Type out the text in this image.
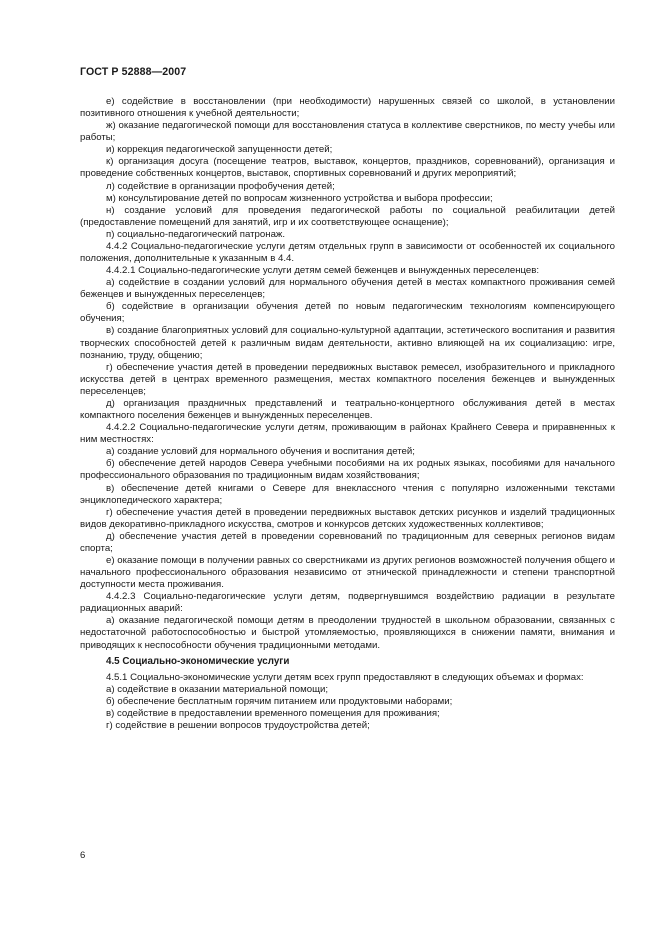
ГОСТ Р 52888—2007

е) содействие в восстановлении (при необходимости) нарушенных связей со школой, в установлении позитивного отношения к учебной деятельности;

ж) оказание педагогической помощи для восстановления статуса в коллективе сверстников, по месту учебы или работы;

и) коррекция педагогической запущенности детей;

к) организация досуга (посещение театров, выставок, концертов, праздников, соревнований), организация и проведение собственных концертов, выставок, спортивных соревнований и других мероприятий;

л) содействие в организации профобучения детей;

м) консультирование детей по вопросам жизненного устройства и выбора профессии;

н) создание условий для проведения педагогической работы по социальной реабилитации детей (предоставление помещений для занятий, игр и их соответствующее оснащение);

п) социально-педагогический патронаж.

4.4.2 Социально-педагогические услуги детям отдельных групп в зависимости от особенностей их социального положения, дополнительные к указанным в 4.4.

4.4.2.1 Социально-педагогические услуги детям семей беженцев и вынужденных переселенцев:

а) содействие в создании условий для нормального обучения детей в местах компактного проживания семей беженцев и вынужденных переселенцев;

б) содействие в организации обучения детей по новым педагогическим технологиям компенсирующего обучения;

в) создание благоприятных условий для социально-культурной адаптации, эстетического воспитания и развития творческих способностей детей к различным видам деятельности, активно влияющей на их социализацию: игре, познанию, труду, общению;

г) обеспечение участия детей в проведении передвижных выставок ремесел, изобразительного и прикладного искусства детей в центрах временного размещения, местах компактного поселения беженцев и вынужденных переселенцев;

д) организация праздничных представлений и театрально-концертного обслуживания детей в местах компактного поселения беженцев и вынужденных переселенцев.

4.4.2.2 Социально-педагогические услуги детям, проживающим в районах Крайнего Севера и приравненных к ним местностях:

а) создание условий для нормального обучения и воспитания детей;

б) обеспечение детей народов Севера учебными пособиями на их родных языках, пособиями для начального профессионального образования по традиционным видам хозяйствования;

в) обеспечение детей книгами о Севере для внеклассного чтения с популярно изложенными текстами энциклопедического характера;

г) обеспечение участия детей в проведении передвижных выставок детских рисунков и изделий традиционных видов декоративно-прикладного искусства, смотров и конкурсов детских художественных коллективов;

д) обеспечение участия детей в проведении соревнований по традиционным для северных регионов видам спорта;

е) оказание помощи в получении равных со сверстниками из других регионов возможностей получения общего и начального профессионального образования независимо от этнической принадлежности и степени транспортной доступности места проживания.

4.4.2.3 Социально-педагогические услуги детям, подвергнувшимся воздействию радиации в результате радиационных аварий:

а) оказание педагогической помощи детям в преодолении трудностей в школьном образовании, связанных с недостаточной работоспособностью и быстрой утомляемостью, проявляющихся в снижении памяти, внимания и приводящих к неспособности обучения традиционными методами.

4.5 Социально-экономические услуги

4.5.1 Социально-экономические услуги детям всех групп предоставляют в следующих объемах и формах:

а) содействие в оказании материальной помощи;

б) обеспечение бесплатным горячим питанием или продуктовыми наборами;

в) содействие в предоставлении временного помещения для проживания;

г) содействие в решении вопросов трудоустройства детей;

6
